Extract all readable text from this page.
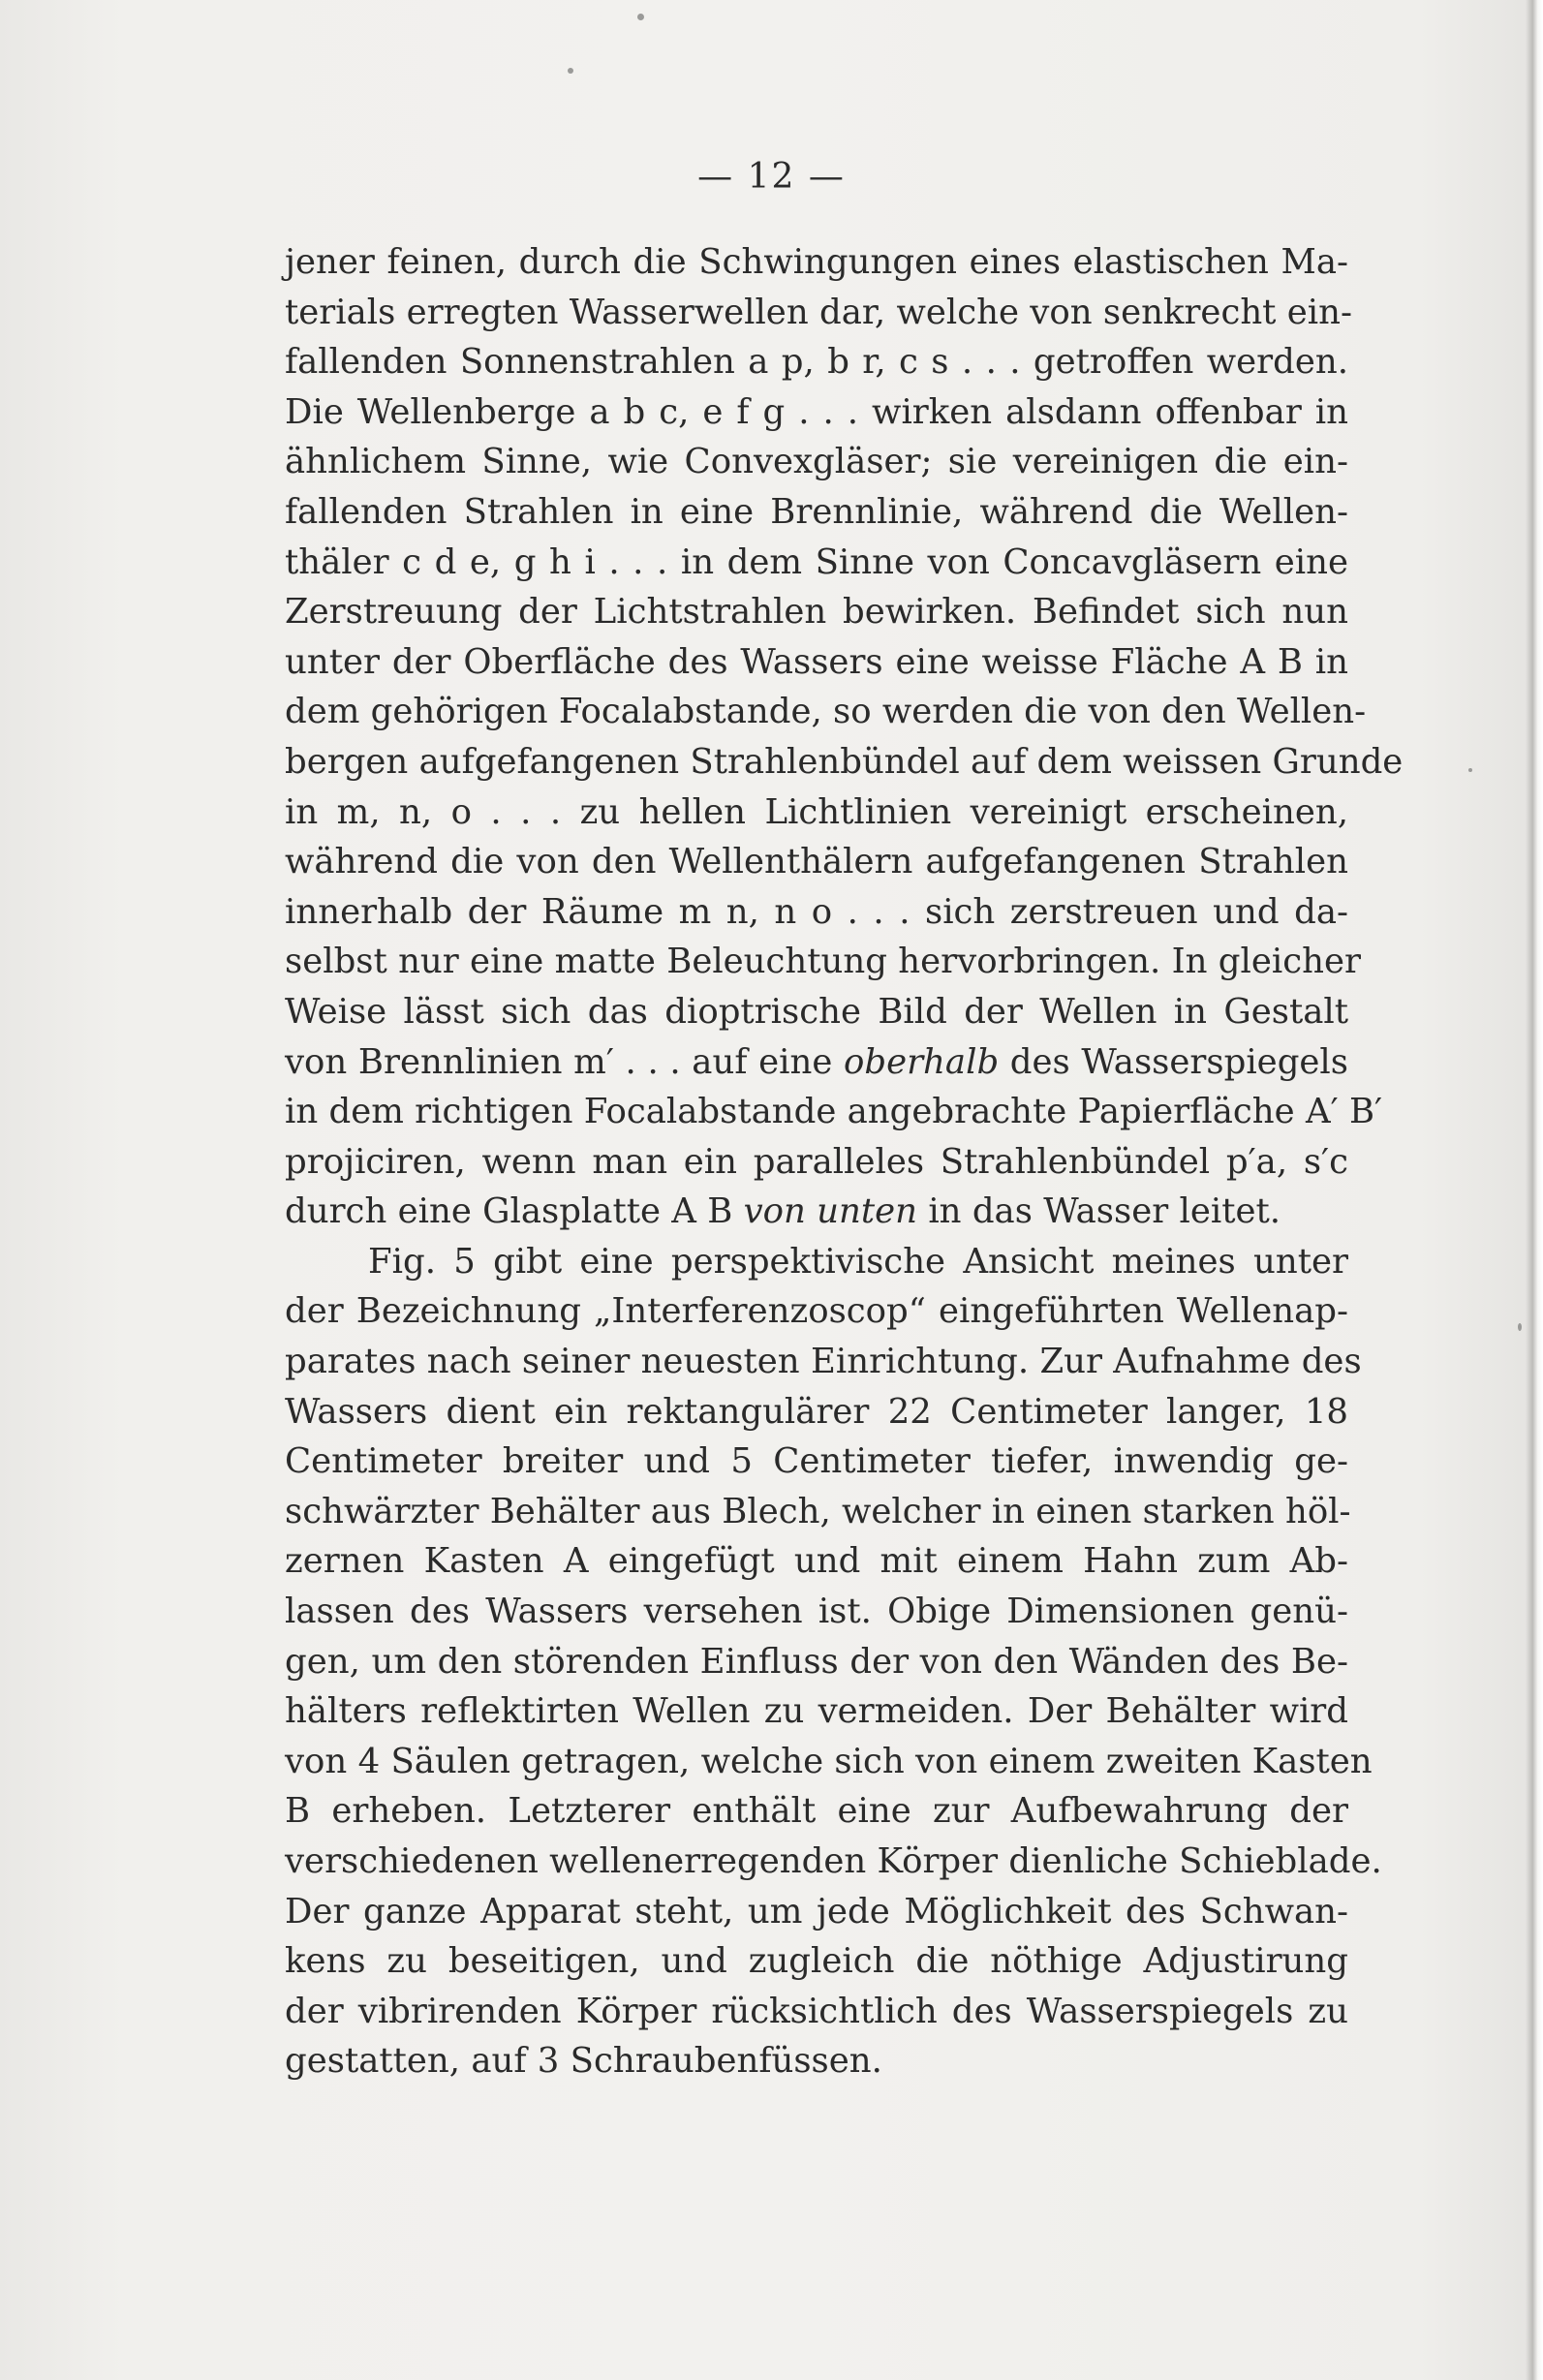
— 12 —
jener feinen, durch die Schwingungen eines elastischen Ma-
terials erregten Wasserwellen dar, welche von senkrecht ein-
fallenden Sonnenstrahlen a p, b r, c s . . . getroffen werden.
Die Wellenberge a b c, e f g . . . wirken alsdann offenbar in
ähnlichem Sinne, wie Convexgläser; sie vereinigen die ein-
fallenden Strahlen in eine Brennlinie, während die Wellen-
thäler c d e, g h i . . . in dem Sinne von Concavgläsern eine
Zerstreuung der Lichtstrahlen bewirken. Befindet sich nun
unter der Oberfläche des Wassers eine weisse Fläche A B in
dem gehörigen Focalabstande, so werden die von den Wellen-
bergen aufgefangenen Strahlenbündel auf dem weissen Grunde
in m, n, o . . . zu hellen Lichtlinien vereinigt erscheinen,
während die von den Wellenthälern aufgefangenen Strahlen
innerhalb der Räume m n, n o . . . sich zerstreuen und da-
selbst nur eine matte Beleuchtung hervorbringen. In gleicher
Weise lässt sich das dioptrische Bild der Wellen in Gestalt
von Brennlinien m′ . . . auf eine oberhalb des Wasserspiegels
in dem richtigen Focalabstande angebrachte Papierfläche A′ B′
projiciren, wenn man ein paralleles Strahlenbündel p′a, s′c
durch eine Glasplatte A B von unten in das Wasser leitet.
Fig. 5 gibt eine perspektivische Ansicht meines unter
der Bezeichnung „Interferenzoscop“ eingeführten Wellenap-
parates nach seiner neuesten Einrichtung. Zur Aufnahme des
Wassers dient ein rektangulärer 22 Centimeter langer, 18
Centimeter breiter und 5 Centimeter tiefer, inwendig ge-
schwärzter Behälter aus Blech, welcher in einen starken höl-
zernen Kasten A eingefügt und mit einem Hahn zum Ab-
lassen des Wassers versehen ist. Obige Dimensionen genü-
gen, um den störenden Einfluss der von den Wänden des Be-
hälters reflektirten Wellen zu vermeiden. Der Behälter wird
von 4 Säulen getragen, welche sich von einem zweiten Kasten
B erheben. Letzterer enthält eine zur Aufbewahrung der
verschiedenen wellenerregenden Körper dienliche Schieblade.
Der ganze Apparat steht, um jede Möglichkeit des Schwan-
kens zu beseitigen, und zugleich die nöthige Adjustirung
der vibrirenden Körper rücksichtlich des Wasserspiegels zu
gestatten, auf 3 Schraubenfüssen.
